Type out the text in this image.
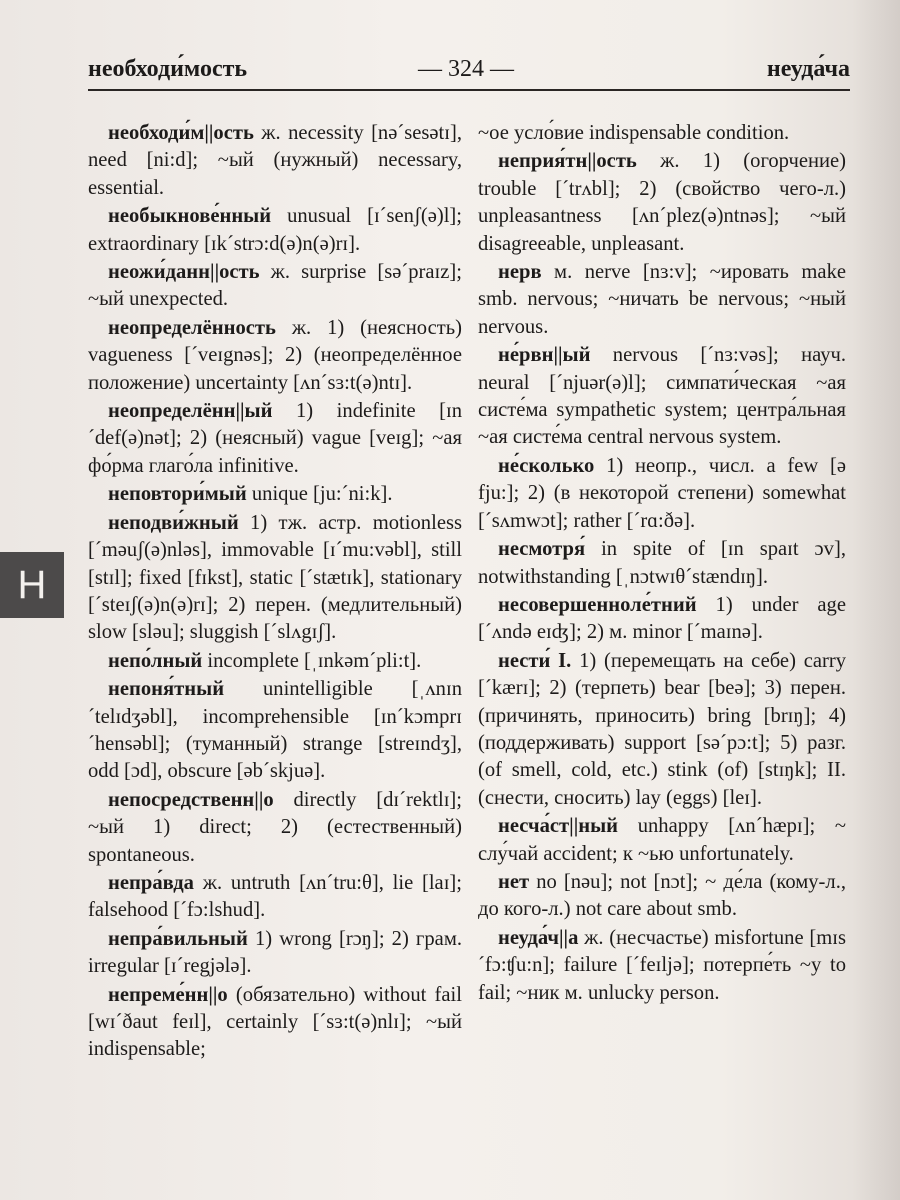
необходи́мость	— 324 —	неуда́ча

необходи́м||ость ж. necessity [nə´sesətɪ], need [ni:d]; ~ый (нужный) necessary, essential.

необыкнове́нный unusual [ɪ´senʃ(ə)l]; extraordinary [ɪk´strɔ:d(ə)n(ə)rɪ].

неожи́данн||ость ж. surprise [sə´praɪz]; ~ый unexpected.

неопределённость ж. 1) (неясность) vagueness [´veɪgnəs]; 2) (неопределённое положение) uncertainty [ʌn´sɜ:t(ə)ntɪ].

неопределённ||ый 1) indefinite [ɪn´def(ə)nət]; 2) (неясный) vague [veɪg]; ~ая фо́рма глаго́ла infinitive.

неповтори́мый unique [ju:´ni:k].

неподви́жный 1) тж. астр. motionless [´məuʃ(ə)nləs], immovable [ɪ´mu:vəbl], still [stɪl]; fixed [fɪkst], static [´stætɪk], stationary [´steɪʃ(ə)n(ə)rɪ]; 2) перен. (медлительный) slow [sləu]; sluggish [´slʌgɪʃ].

непо́лный incomplete [ˌɪnkəm´pli:t].

непоня́тный unintelligible [ˌʌnɪn´telɪdʒəbl], incomprehensible [ɪn´kɔmprɪ´hensəbl]; (туманный) strange [streɪndʒ], odd [ɔd], obscure [əb´skjuə].

непосредственн||о directly [dɪ´rektlɪ]; ~ый 1) direct; 2) (естественный) spontaneous.

непра́вда ж. untruth [ʌn´tru:θ], lie [laɪ]; falsehood [´fɔ:lshud].

непра́вильный 1) wrong [rɔŋ]; 2) грам. irregular [ɪ´regjələ].

непреме́нн||о (обязательно) without fail [wɪ´ðaut feɪl], certainly [´sɜ:t(ə)nlɪ]; ~ый indispensable;

~ое усло́вие indispensable condition.

неприя́тн||ость ж. 1) (огорчение) trouble [´trʌbl]; 2) (свойство чего-л.) unpleasantness [ʌn´plez(ə)ntnəs]; ~ый disagreeable, unpleasant.

нерв м. nerve [nɜ:v]; ~ировать make smb. nervous; ~ничать be nervous; ~ный nervous.

не́рвн||ый nervous [´nɜ:vəs]; науч. neural [´njuər(ə)l]; симпати́ческая ~ая систе́ма sympathetic system; центра́льная ~ая систе́ма central nervous system.

не́сколько 1) неопр., числ. a few [ə fju:]; 2) (в некоторой степени) somewhat [´sʌmwɔt]; rather [´rɑ:ðə].

несмотря́ in spite of [ɪn spaɪt ɔv], notwithstanding [ˌnɔtwɪθ´stændɪŋ].

несовершенноле́тний 1) under age [´ʌndə eɪʤ]; 2) м. minor [´maɪnə].

нести́ I. 1) (перемещать на себе) carry [´kærɪ]; 2) (терпеть) bear [beə]; 3) перен. (причинять, приносить) bring [brɪŋ]; 4) (поддерживать) support [sə´pɔ:t]; 5) разг. (of smell, cold, etc.) stink (of) [stɪŋk]; II. (снести, сносить) lay (eggs) [leɪ].

несча́ст||ный unhappy [ʌn´hæpɪ]; ~ слу́чай accident; к ~ью unfortunately.

нет no [nəu]; not [nɔt]; ~ де́ла (кому-л., до кого-л.) not care about smb.

неуда́ч||а ж. (несчастье) misfortune [mɪs´fɔ:ʧu:n]; failure [´feɪljə]; потерпе́ть ~у to fail; ~ник м. unlucky person.

Н
